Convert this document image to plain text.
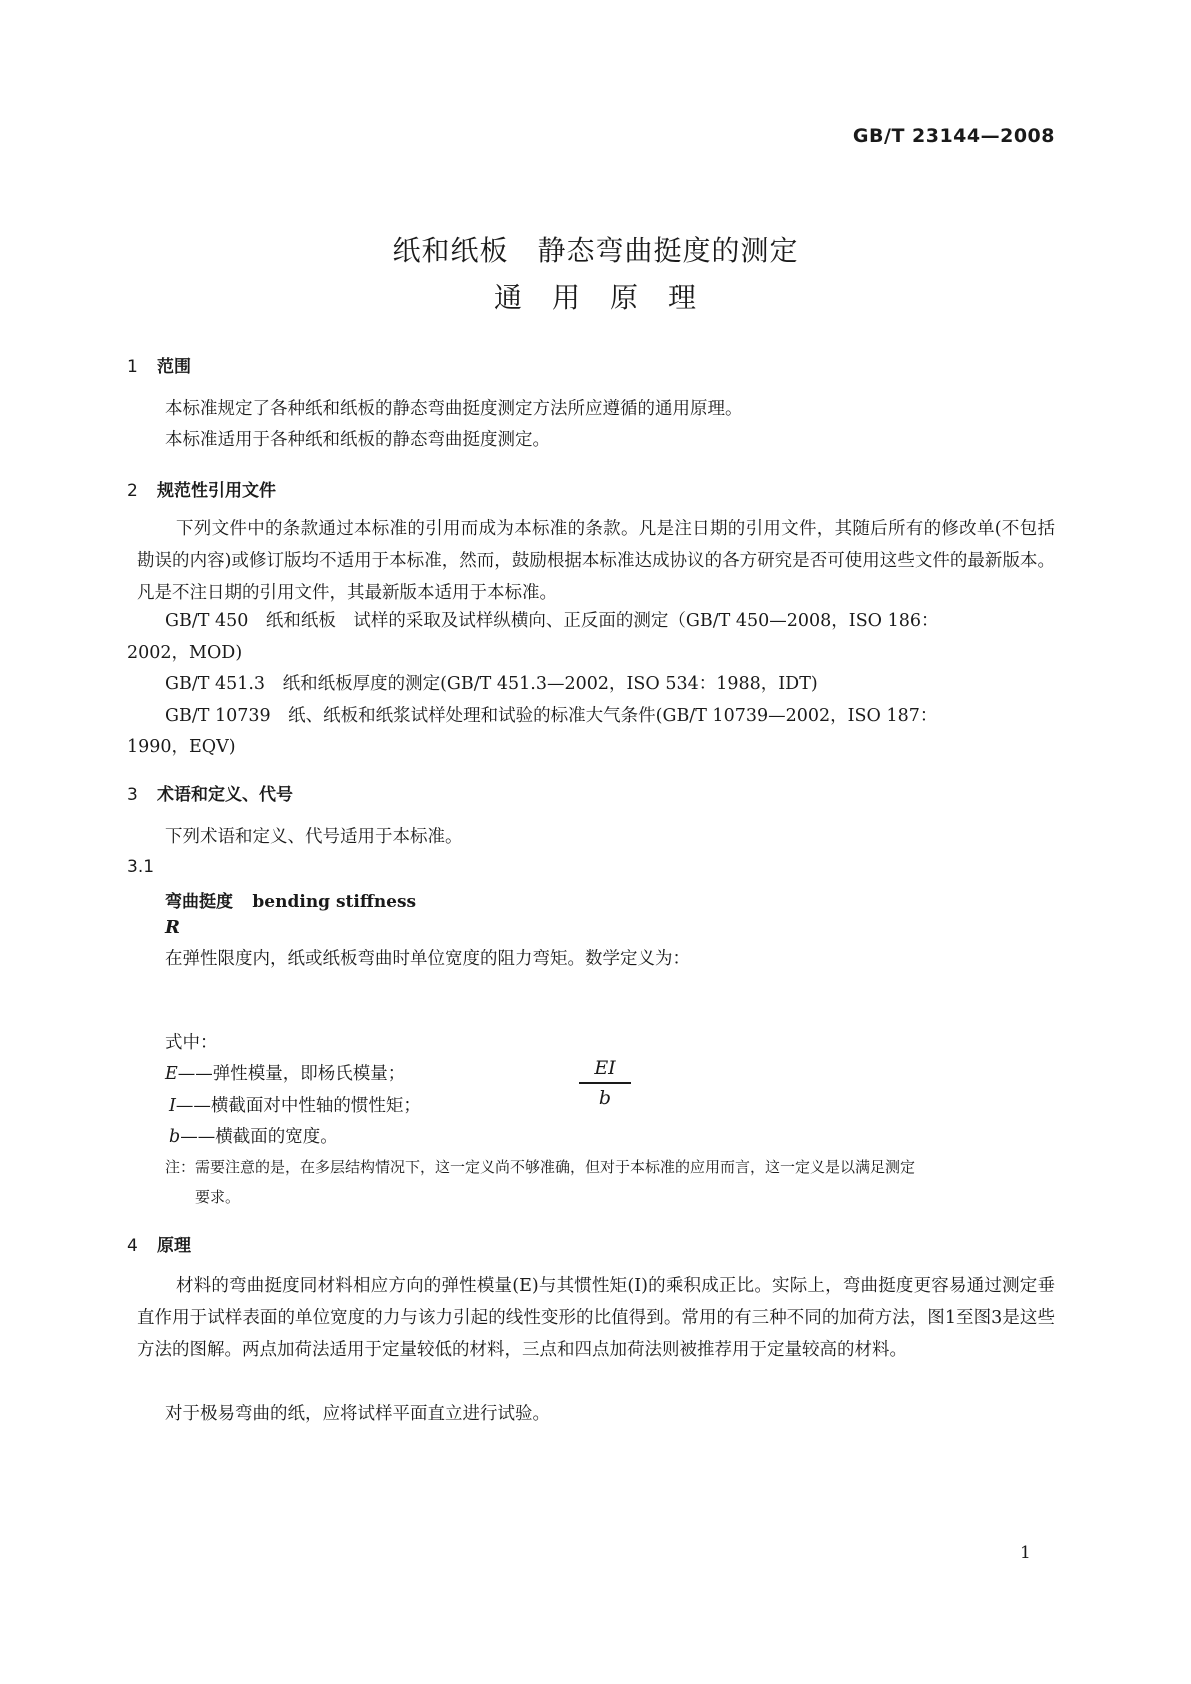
GB/T 23144—2008
纸和纸板　静态弯曲挺度的测定
通　用　原　理
1 范围
本标准规定了各种纸和纸板的静态弯曲挺度测定方法所应遵循的通用原理。
本标准适用于各种纸和纸板的静态弯曲挺度测定。
2 规范性引用文件
下列文件中的条款通过本标准的引用而成为本标准的条款。凡是注日期的引用文件，其随后所有的修改单(不包括勘误的内容)或修订版均不适用于本标准，然而，鼓励根据本标准达成协议的各方研究是否可使用这些文件的最新版本。凡是不注日期的引用文件，其最新版本适用于本标准。
GB/T 450　纸和纸板　试样的采取及试样纵横向、正反面的测定（GB/T 450—2008，ISO 186：
2002，MOD)
GB/T 451.3　纸和纸板厚度的测定(GB/T 451.3—2002，ISO 534：1988，IDT)
GB/T 10739　纸、纸板和纸浆试样处理和试验的标准大气条件(GB/T 10739—2002，ISO 187：
1990，EQV)
3 术语和定义、代号
下列术语和定义、代号适用于本标准。
3.1
弯曲挺度 bending stiffness
R
在弹性限度内，纸或纸板弯曲时单位宽度的阻力弯矩。数学定义为：
EI
b
式中：
E——弹性模量，即杨氏模量；
I——横截面对中性轴的惯性矩；
b——横截面的宽度。
注：需要注意的是，在多层结构情况下，这一定义尚不够准确，但对于本标准的应用而言，这一定义是以满足测定
要求。
4 原理
材料的弯曲挺度同材料相应方向的弹性模量(E)与其惯性矩(I)的乘积成正比。实际上，弯曲挺度更容易通过测定垂直作用于试样表面的单位宽度的力与该力引起的线性变形的比值得到。常用的有三种不同的加荷方法，图1至图3是这些方法的图解。两点加荷法适用于定量较低的材料，三点和四点加荷法则被推荐用于定量较高的材料。
对于极易弯曲的纸，应将试样平面直立进行试验。
1
